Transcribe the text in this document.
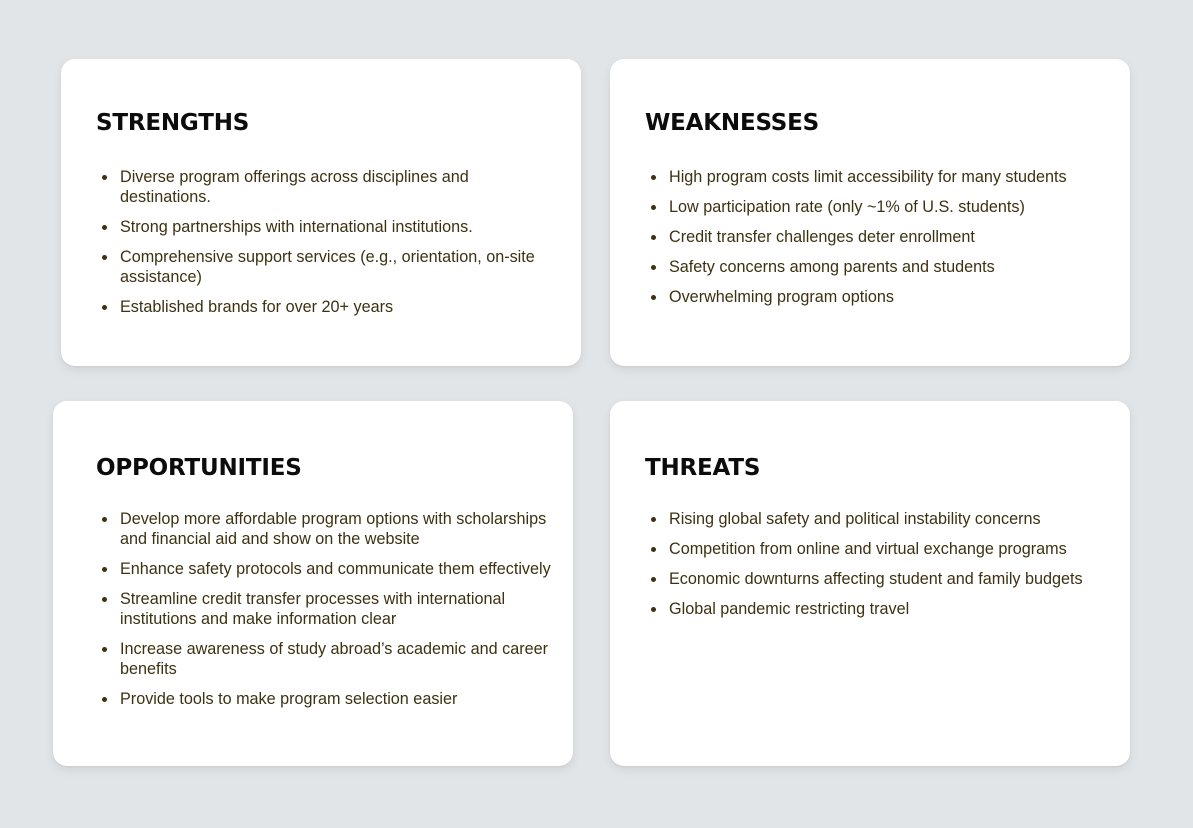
STRENGTHS
Diverse program offerings across disciplines and destinations.
Strong partnerships with international institutions.
Comprehensive support services (e.g., orientation, on-site assistance)
Established brands for over 20+ years
WEAKNESSES
High program costs limit accessibility for many students
Low participation rate (only ~1% of U.S. students)
Credit transfer challenges deter enrollment
Safety concerns among parents and students
Overwhelming program options
OPPORTUNITIES
Develop more affordable program options with scholarships and financial aid and show on the website
Enhance safety protocols and communicate them effectively
Streamline credit transfer processes with international institutions and make information clear
Increase awareness of study abroad’s academic and career benefits
Provide tools to make program selection easier
THREATS
Rising global safety and political instability concerns
Competition from online and virtual exchange programs
Economic downturns affecting student and family budgets
Global pandemic restricting travel
